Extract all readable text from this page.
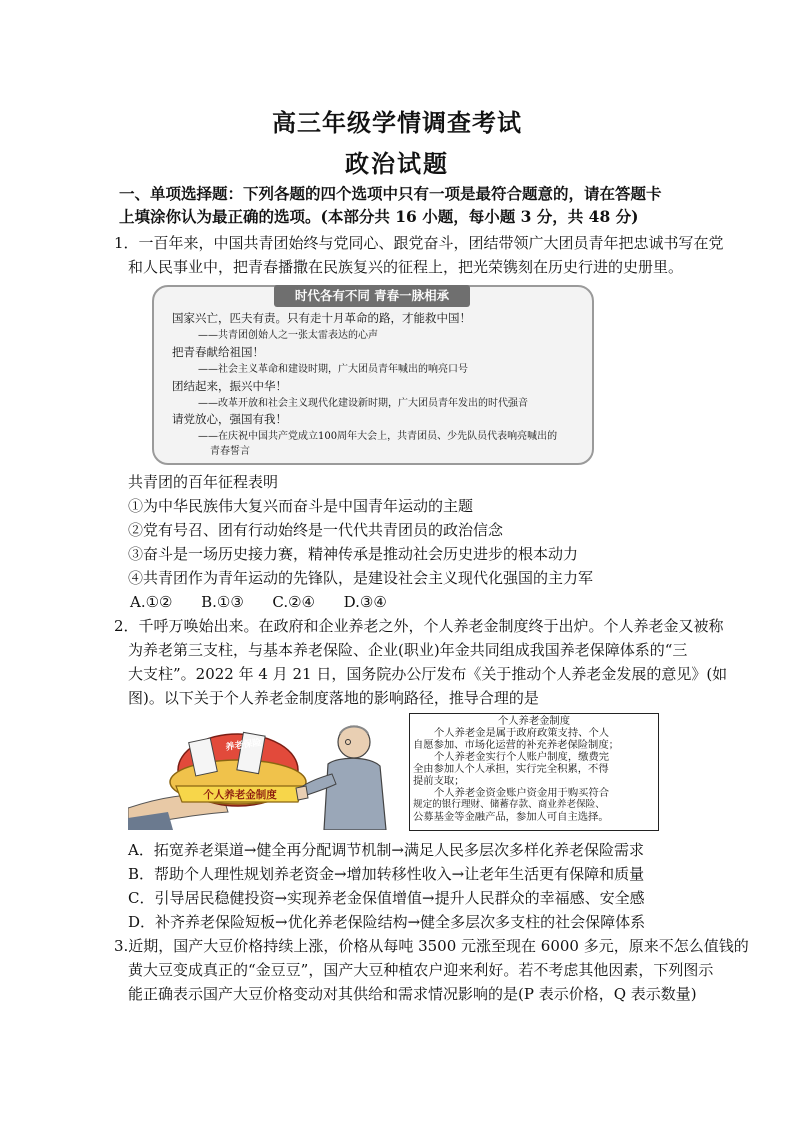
高三年级学情调查考试
政治试题
一、单项选择题：下列各题的四个选项中只有一项是最符合题意的，请在答题卡
上填涂你认为最正确的选项。(本部分共 16 小题，每小题 3 分，共 48 分)
1．一百年来，中国共青团始终与党同心、跟党奋斗，团结带领广大团员青年把忠诚书写在党
和人民事业中，把青春播撒在民族复兴的征程上，把光荣镌刻在历史行进的史册里。
时代各有不同 青春一脉相承
国家兴亡，匹夫有责。只有走十月革命的路，才能救中国！
——共青团创始人之一张太雷表达的心声
把青春献给祖国！
——社会主义革命和建设时期，广大团员青年喊出的响亮口号
团结起来，振兴中华！
——改革开放和社会主义现代化建设新时期，广大团员青年发出的时代强音
请党放心，强国有我！
——在庆祝中国共产党成立100周年大会上，共青团员、少先队员代表响亮喊出的
青春誓言
共青团的百年征程表明
①为中华民族伟大复兴而奋斗是中国青年运动的主题
②党有号召、团有行动始终是一代代共青团员的政治信念
③奋斗是一场历史接力赛，精神传承是推动社会历史进步的根本动力
④共青团作为青年运动的先锋队，是建设社会主义现代化强国的主力军
A.①②      B.①③      C.②④      D.③④
2．千呼万唤始出来。在政府和企业养老之外，个人养老金制度终于出炉。个人养老金又被称
为养老第三支柱，与基本养老保险、企业(职业)年金共同组成我国养老保障体系的“三
大支柱”。2022 年 4 月 21 日，国务院办公厅发布《关于推动个人养老金发展的意见》(如
图)。以下关于个人养老金制度落地的影响路径，推导合理的是
养老保险
个人养老金制度
个人养老金制度
个人养老金是属于政府政策支持、个人
自愿参加、市场化运营的补充养老保险制度；
个人养老金实行个人账户制度，缴费完
全由参加人个人承担，实行完全积累，不得
提前支取；
个人养老金资金账户资金用于购买符合
规定的银行理财、储蓄存款、商业养老保险、
公募基金等金融产品，参加人可自主选择。
A．拓宽养老渠道→健全再分配调节机制→满足人民多层次多样化养老保险需求
B．帮助个人理性规划养老资金→增加转移性收入→让老年生活更有保障和质量
C．引导居民稳健投资→实现养老金保值增值→提升人民群众的幸福感、安全感
D．补齐养老保险短板→优化养老保险结构→健全多层次多支柱的社会保障体系
3.近期，国产大豆价格持续上涨，价格从每吨 3500 元涨至现在 6000 多元，原来不怎么值钱的
黄大豆变成真正的“金豆豆”，国产大豆种植农户迎来利好。若不考虑其他因素，下列图示
能正确表示国产大豆价格变动对其供给和需求情况影响的是(P 表示价格，Q 表示数量)
